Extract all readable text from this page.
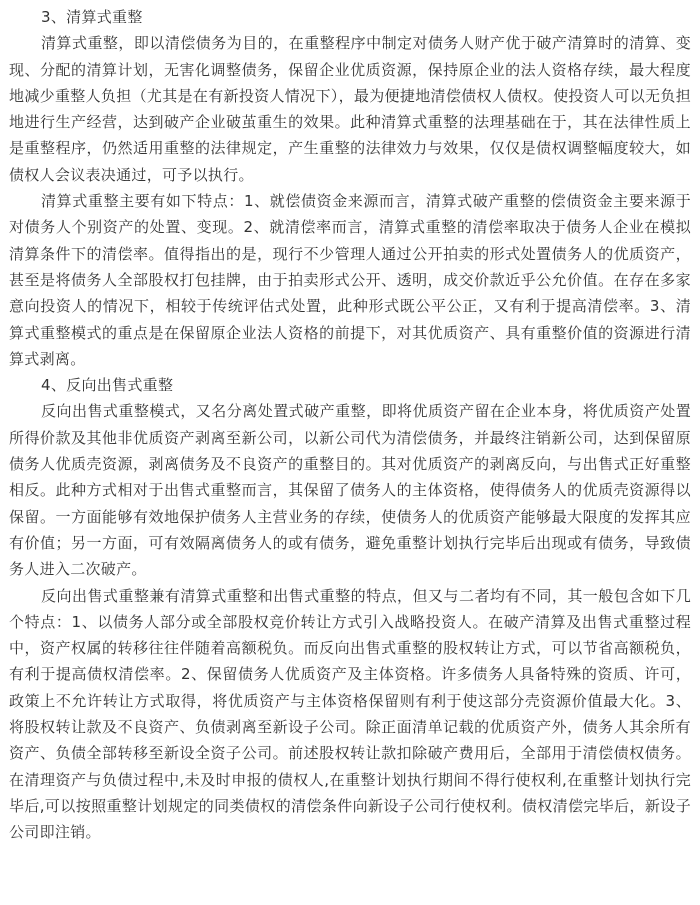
3、清算式重整

清算式重整，即以清偿债务为目的，在重整程序中制定对债务人财产优于破产清算时的清算、变现、分配的清算计划，无害化调整债务，保留企业优质资源，保持原企业的法人资格存续，最大程度地减少重整人负担（尤其是在有新投资人情况下），最为便捷地清偿债权人债权。使投资人可以无负担地进行生产经营，达到破产企业破茧重生的效果。此种清算式重整的法理基础在于，其在法律性质上是重整程序，仍然适用重整的法律规定，产生重整的法律效力与效果，仅仅是债权调整幅度较大，如债权人会议表决通过，可予以执行。

清算式重整主要有如下特点：1、就偿债资金来源而言，清算式破产重整的偿债资金主要来源于对债务人个别资产的处置、变现。2、就清偿率而言，清算式重整的清偿率取决于债务人企业在模拟清算条件下的清偿率。值得指出的是，现行不少管理人通过公开拍卖的形式处置债务人的优质资产，甚至是将债务人全部股权打包挂牌，由于拍卖形式公开、透明，成交价款近乎公允价值。在存在多家意向投资人的情况下，相较于传统评估式处置，此种形式既公平公正，又有利于提高清偿率。3、清算式重整模式的重点是在保留原企业法人资格的前提下，对其优质资产、具有重整价值的资源进行清算式剥离。

4、反向出售式重整

反向出售式重整模式，又名分离处置式破产重整，即将优质资产留在企业本身，将优质资产处置所得价款及其他非优质资产剥离至新公司，以新公司代为清偿债务，并最终注销新公司，达到保留原债务人优质壳资源，剥离债务及不良资产的重整目的。其对优质资产的剥离反向，与出售式正好重整相反。此种方式相对于出售式重整而言，其保留了债务人的主体资格，使得债务人的优质壳资源得以保留。一方面能够有效地保护债务人主营业务的存续，使债务人的优质资产能够最大限度的发挥其应有价值；另一方面，可有效隔离债务人的或有债务，避免重整计划执行完毕后出现或有债务，导致债务人进入二次破产。

反向出售式重整兼有清算式重整和出售式重整的特点，但又与二者均有不同，其一般包含如下几个特点：1、以债务人部分或全部股权竞价转让方式引入战略投资人。在破产清算及出售式重整过程中，资产权属的转移往往伴随着高额税负。而反向出售式重整的股权转让方式，可以节省高额税负，有利于提高债权清偿率。2、保留债务人优质资产及主体资格。许多债务人具备特殊的资质、许可，政策上不允许转让方式取得，将优质资产与主体资格保留则有利于使这部分壳资源价值最大化。3、将股权转让款及不良资产、负债剥离至新设子公司。除正面清单记载的优质资产外，债务人其余所有资产、负债全部转移至新设全资子公司。前述股权转让款扣除破产费用后，全部用于清偿债权债务。在清理资产与负债过程中,未及时申报的债权人,在重整计划执行期间不得行使权利,在重整计划执行完毕后,可以按照重整计划规定的同类债权的清偿条件向新设子公司行使权利。债权清偿完毕后，新设子公司即注销。
